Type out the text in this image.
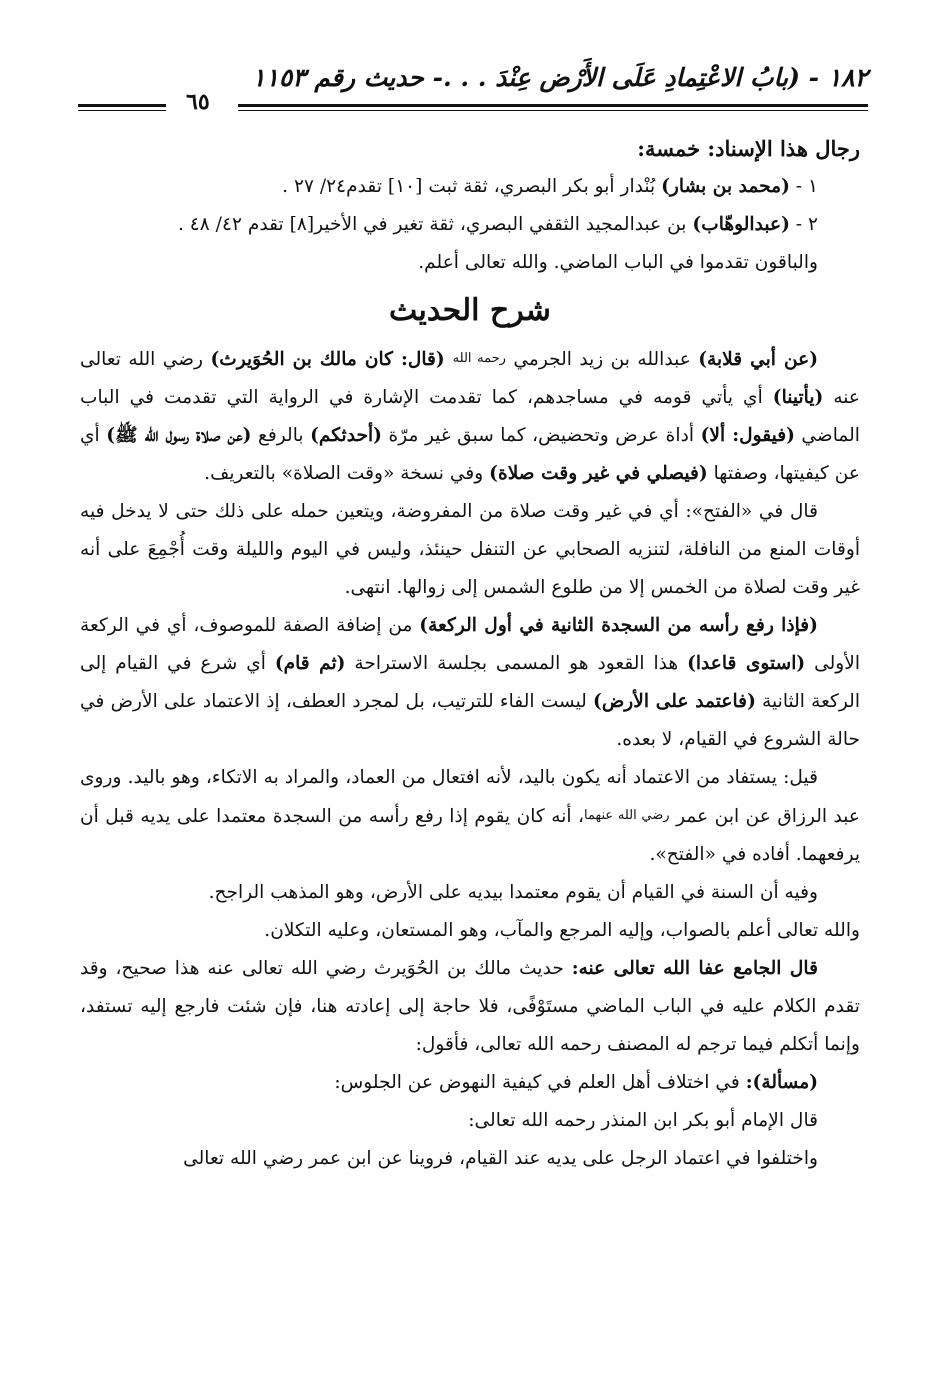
١٨٢ - (بابُ الاعْتِمادِ عَلَى الأَرْض عِنْدَ . . .- حديث رقم ١١٥٣
٦٥

رجال هذا الإسناد: خمسة:

١ - (محمد بن بشار) بُنْدار أبو بكر البصري، ثقة ثبت [١٠] تقدم٢٤/ ٢٧ .

٢ - (عبدالوهّاب) بن عبدالمجيد الثقفي البصري، ثقة تغير في الأخير[٨] تقدم ٤٢/ ٤٨ .

والباقون تقدموا في الباب الماضي. والله تعالى أعلم.

شرح الحديث

(عن أبي قلابة) عبدالله بن زيد الجرمي رحمه الله (قال: كان مالك بن الحُوَيرث) رضي الله تعالى عنه (يأتينا) أي يأتي قومه في مساجدهم، كما تقدمت الإشارة في الرواية التي تقدمت في الباب الماضي (فيقول: ألا) أداة عرض وتحضيض، كما سبق غير مرّة (أحدثكم) بالرفع (عن صلاة رسول الله ﷺ) أي عن كيفيتها، وصفتها (فيصلي في غير وقت صلاة) وفي نسخة «وقت الصلاة» بالتعريف.

قال في «الفتح»: أي في غير وقت صلاة من المفروضة، ويتعين حمله على ذلك حتى لا يدخل فيه أوقات المنع من النافلة، لتنزيه الصحابي عن التنفل حينئذ، وليس في اليوم والليلة وقت أُجْمِعَ على أنه غير وقت لصلاة من الخمس إلا من طلوع الشمس إلى زوالها. انتهى.

(فإذا رفع رأسه من السجدة الثانية في أول الركعة) من إضافة الصفة للموصوف، أي في الركعة الأولى (استوى قاعدا) هذا القعود هو المسمى بجلسة الاستراحة (ثم قام) أي شرع في القيام إلى الركعة الثانية (فاعتمد على الأرض) ليست الفاء للترتيب، بل لمجرد العطف، إذ الاعتماد على الأرض في حالة الشروع في القيام، لا بعده.

قيل: يستفاد من الاعتماد أنه يكون باليد، لأنه افتعال من العماد، والمراد به الاتكاء، وهو باليد. وروى عبد الرزاق عن ابن عمر رضي الله عنهما، أنه كان يقوم إذا رفع رأسه من السجدة معتمدا على يديه قبل أن يرفعهما. أفاده في «الفتح».

وفيه أن السنة في القيام أن يقوم معتمدا بيديه على الأرض، وهو المذهب الراجح.

والله تعالى أعلم بالصواب، وإليه المرجع والمآب، وهو المستعان، وعليه التكلان.

قال الجامع عفا الله تعالى عنه: حديث مالك بن الحُوَيرث رضي الله تعالى عنه هذا صحيح، وقد تقدم الكلام عليه في الباب الماضي مستَوْفًى، فلا حاجة إلى إعادته هنا، فإن شئت فارجع إليه تستفد، وإنما أتكلم فيما ترجم له المصنف رحمه الله تعالى، فأقول:

(مسألة): في اختلاف أهل العلم في كيفية النهوض عن الجلوس:

قال الإمام أبو بكر ابن المنذر رحمه الله تعالى:

واختلفوا في اعتماد الرجل على يديه عند القيام، فروينا عن ابن عمر رضي الله تعالى
